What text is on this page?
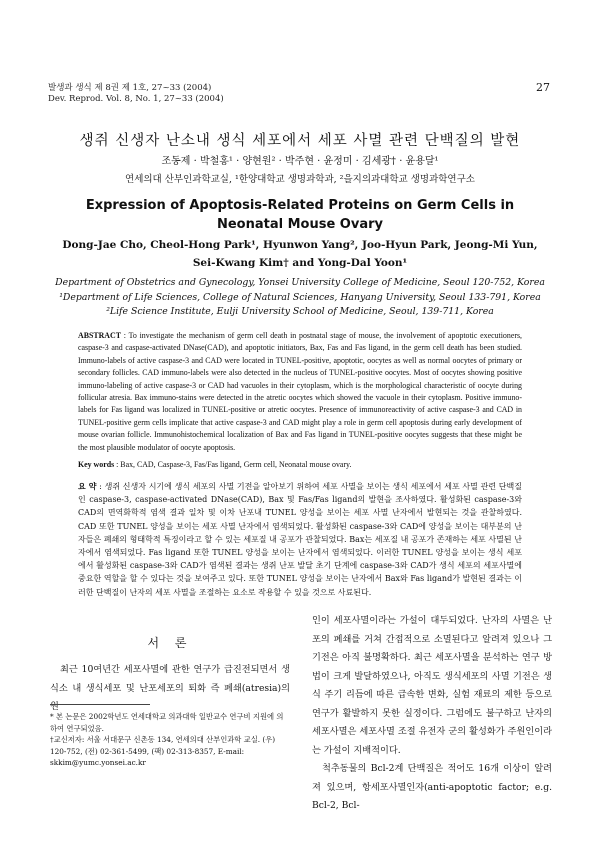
발생과 생식 제 8권 제 1호, 27~33 (2004)
Dev. Reprod. Vol. 8, No. 1, 27~33 (2004)
27
생쥐 신생자 난소내 생식 세포에서 세포 사멸 관련 단백질의 발현
조동제 · 박철홍¹ · 양현원² · 박주현 · 윤정미 · 김세광† · 윤용달¹
연세의대 산부인과학교실, ¹한양대학교 생명과학과, ²을지의과대학교 생명과학연구소
Expression of Apoptosis-Related Proteins on Germ Cells in
Neonatal Mouse Ovary
Dong-Jae Cho, Cheol-Hong Park¹, Hyunwon Yang², Joo-Hyun Park, Jeong-Mi Yun,
Sei-Kwang Kim† and Yong-Dal Yoon¹
Department of Obstetrics and Gynecology, Yonsei University College of Medicine, Seoul 120-752, Korea
¹Department of Life Sciences, College of Natural Sciences, Hanyang University, Seoul 133-791, Korea
²Life Science Institute, Eulji University School of Medicine, Seoul, 139-711, Korea
ABSTRACT : To investigate the mechanism of germ cell death in postnatal stage of mouse, the involvement of apoptotic executioners, caspase-3 and caspase-activated DNase(CAD), and apoptotic initiators, Bax, Fas and Fas ligand, in the germ cell death has been studied. Immuno-labels of active caspase-3 and CAD were located in TUNEL-positive, apoptotic, oocytes as well as normal oocytes of primary or secondary follicles. CAD immuno-labels were also detected in the nucleus of TUNEL-positive oocytes. Most of oocytes showing positive immuno-labeling of active caspase-3 or CAD had vacuoles in their cytoplasm, which is the morphological characteristic of oocyte during follicular atresia. Bax immuno-stains were detected in the atretic oocytes which showed the vacuole in their cytoplasm. Positive immuno-labels for Fas ligand was localized in TUNEL-positive or atretic oocytes. Presence of immunoreactivity of active caspase-3 and CAD in TUNEL-positive germ cells implicate that active caspase-3 and CAD might play a role in germ cell apoptosis during early development of mouse ovarian follicle. Immunohistochemical localization of Bax and Fas ligand in TUNEL-positive oocytes suggests that these might be the most plausible modulator of oocyte apoptosis.
Key words : Bax, CAD, Caspase-3, Fas/Fas ligand, Germ cell, Neonatal mouse ovary.
요 약 : 생쥐 신생자 시기에 생식 세포의 사멸 기전을 알아보기 위하여 세포 사멸을 보이는 생식 세포에서 세포 사멸 관련 단백질인 caspase-3, caspase-activated DNase(CAD), Bax 및 Fas/Fas ligand의 발현을 조사하였다. 활성화된 caspase-3와 CAD의 면역화학적 염색 결과 일차 및 이차 난포내 TUNEL 양성을 보이는 세포 사멸 난자에서 발현되는 것을 관찰하였다. CAD 또한 TUNEL 양성을 보이는 세포 사멸 난자에서 염색되었다. 활성화된 caspase-3와 CAD에 양성을 보이는 대부분의 난자들은 폐쇄의 형태학적 특징이라고 할 수 있는 세포질 내 공포가 관찰되었다. Bax는 세포질 내 공포가 존재하는 세포 사멸된 난자에서 염색되었다. Fas ligand 또한 TUNEL 양성을 보이는 난자에서 염색되었다. 이러한 TUNEL 양성을 보이는 생식 세포에서 활성화된 caspase-3와 CAD가 염색된 결과는 생쥐 난포 발달 초기 단계에 caspase-3와 CAD가 생식 세포의 세포사멸에 중요한 역할을 할 수 있다는 것을 보여주고 있다. 또한 TUNEL 양성을 보이는 난자에서 Bax와 Fas ligand가 발현된 결과는 이러한 단백질이 난자의 세포 사멸을 조절하는 요소로 작용할 수 있을 것으로 사료된다.
서 론
최근 10여년간 세포사멸에 관한 연구가 급진전되면서 생식소 내 생식세포 및 난포세포의 퇴화 즉 폐쇄(atresia)의 원
* 본 논문은 2002학년도 연세대학교 의과대학 일반교수 연구비 지원에 의하여 연구되었음.
†교신저자: 서울 서대문구 신촌동 134, 연세의대 산부인과학 교실. (우) 120-752, (전) 02-361-5499, (팩) 02-313-8357, E-mail: skkim@yumc.yonsei.ac.kr

인이 세포사멸이라는 가설이 대두되었다. 난자의 사멸은 난포의 폐쇄를 거쳐 간접적으로 소멸된다고 알려져 있으나 그 기전은 아직 불명확하다. 최근 세포사멸을 분석하는 연구 방법이 크게 발달하였으나, 아직도 생식세포의 사멸 기전은 생식 주기 리듬에 따른 급속한 변화, 실험 재료의 제한 등으로 연구가 활발하지 못한 실정이다. 그럼에도 불구하고 난자의 세포사멸은 세포사멸 조절 유전자 군의 활성화가 주원인이라는 가설이 지배적이다.

척추동물의 Bcl-2계 단백질은 적어도 16개 이상이 알려져 있으며, 항세포사멸인자(anti-apoptotic factor; e.g. Bcl-2, Bcl-
